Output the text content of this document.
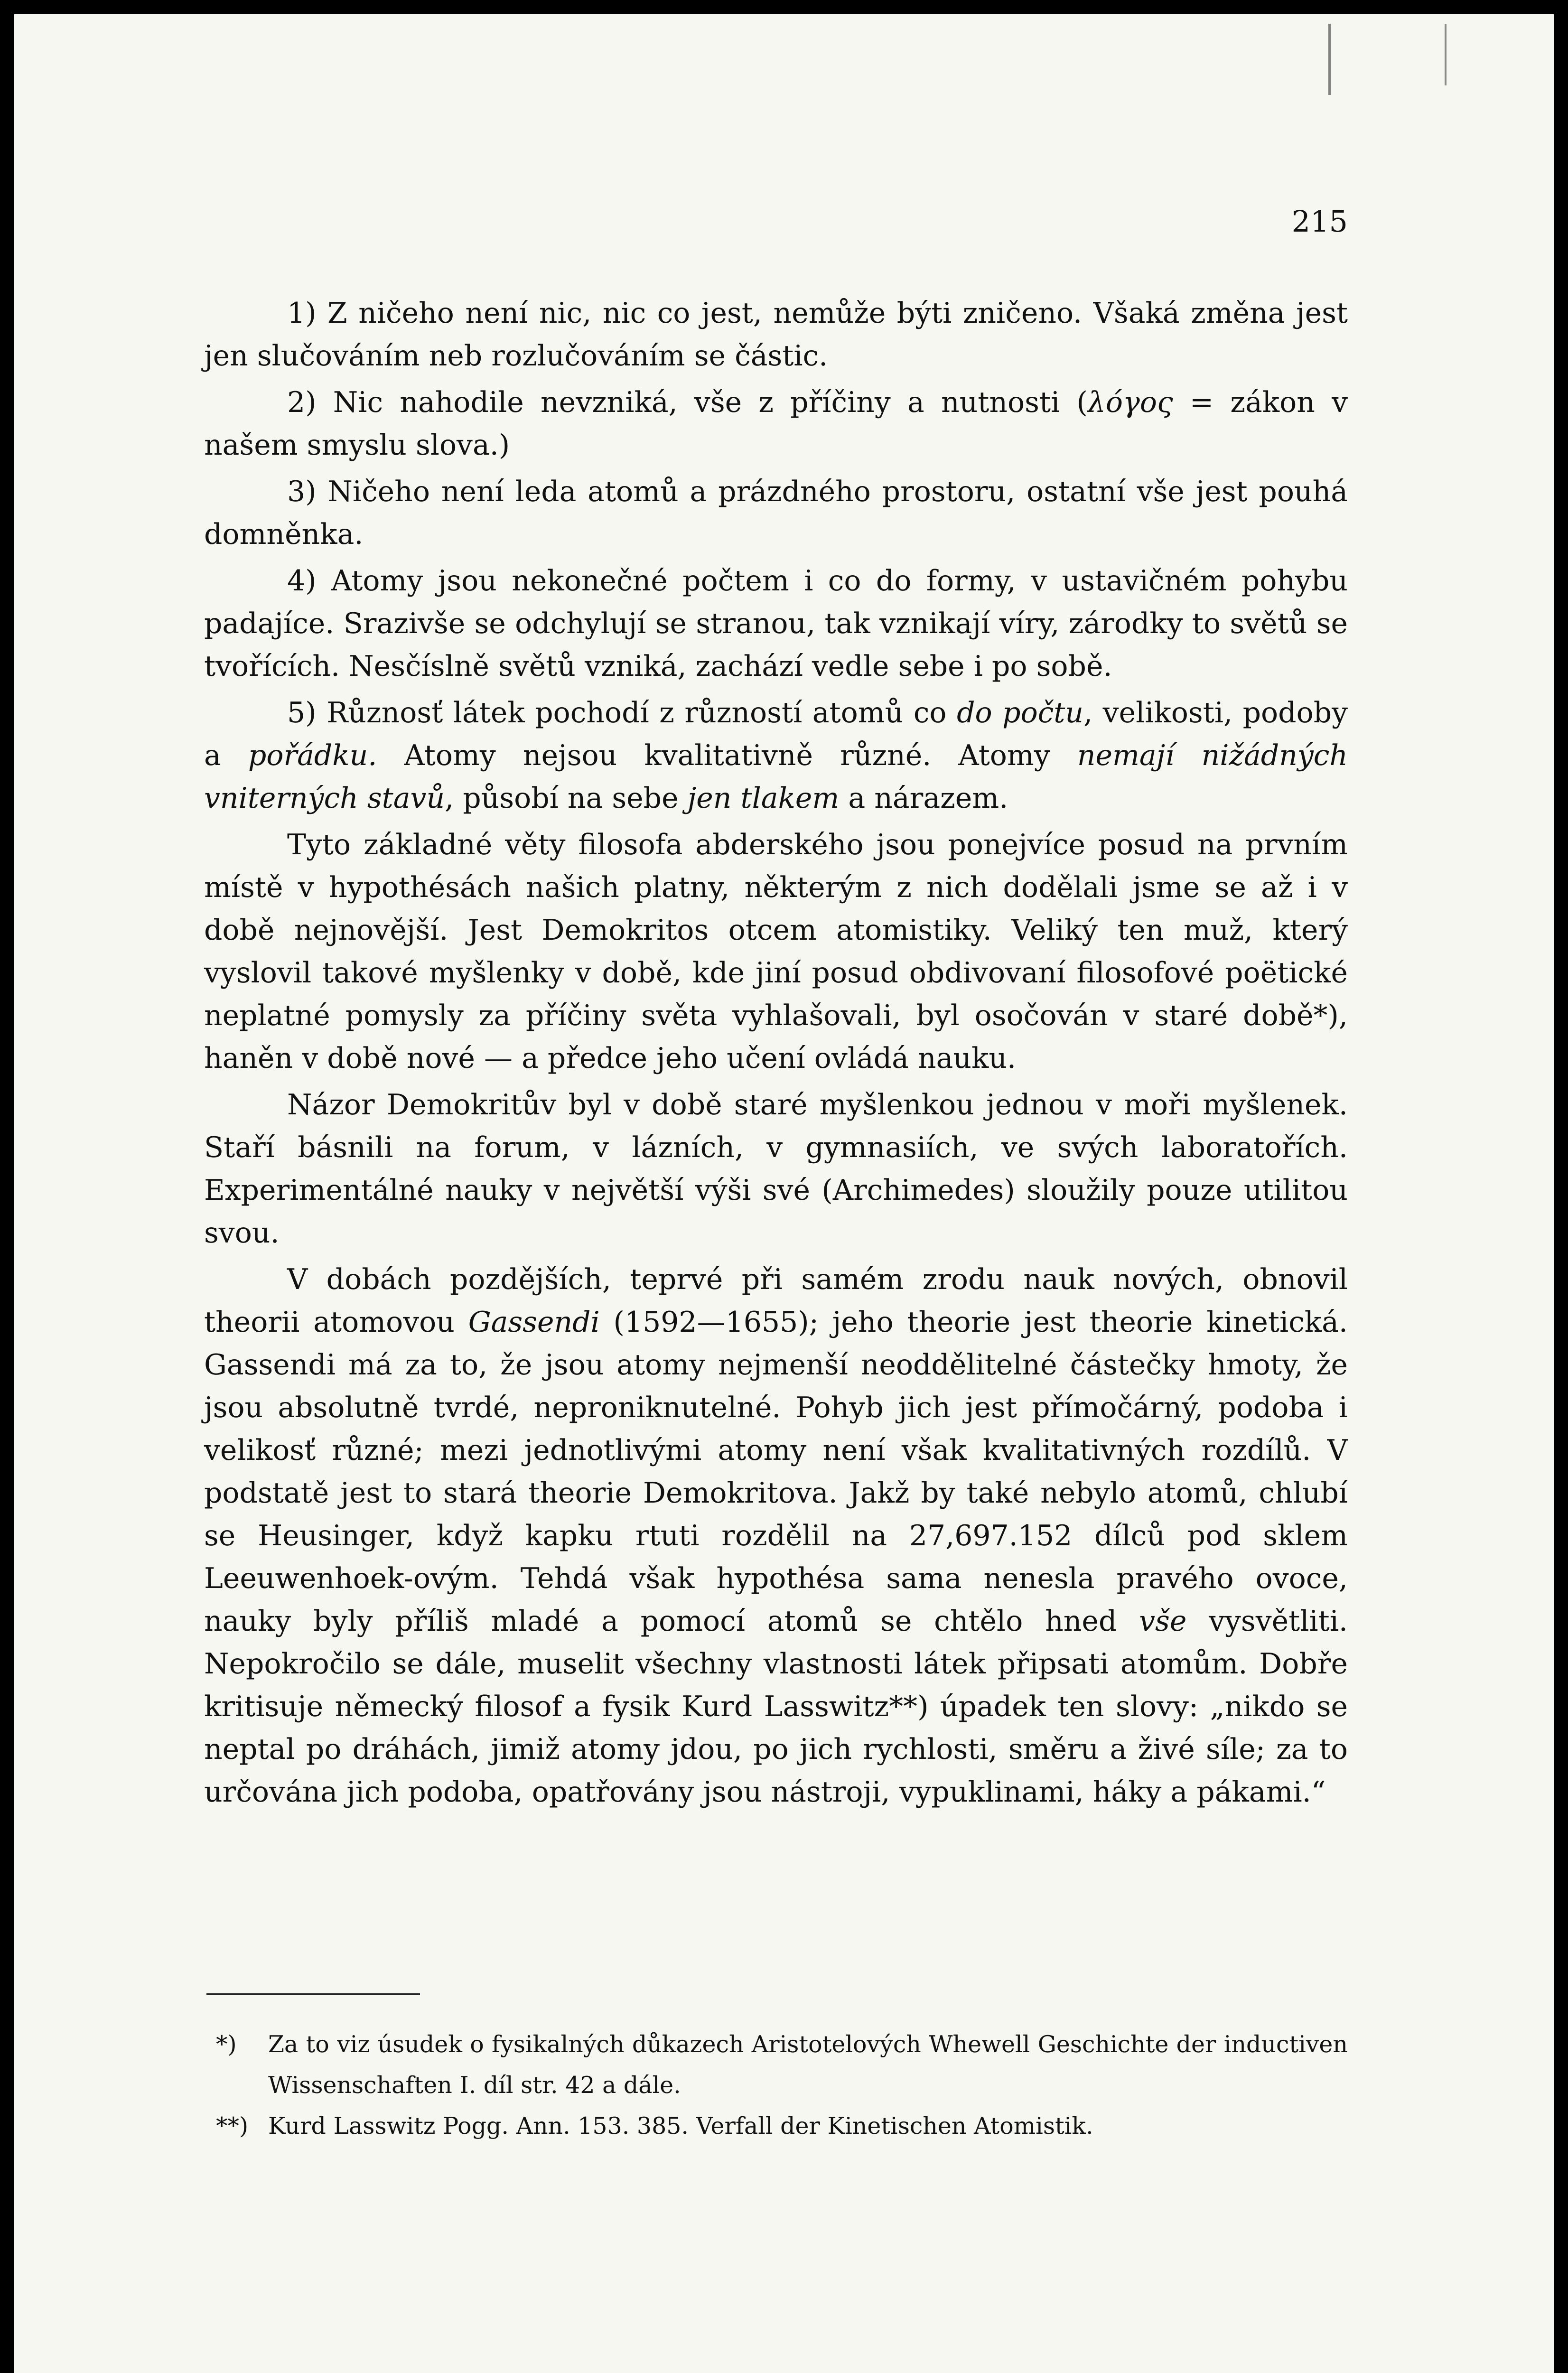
215

1) Z ničeho není nic, nic co jest, nemůže býti zničeno. Všaká změna jest jen slučováním neb rozlučováním se částic.

2) Nic nahodile nevzniká, vše z příčiny a nutnosti (λόγος = zákon v našem smyslu slova.)

3) Ničeho není leda atomů a prázdného prostoru, ostatní vše jest pouhá domněnka.

4) Atomy jsou nekonečné počtem i co do formy, v ustavičném pohybu padajíce. Srazivše se odchylují se stranou, tak vznikají víry, zárodky to světů se tvořících. Nesčíslně světů vzniká, zachází vedle sebe i po sobě.

5) Různosť látek pochodí z růzností atomů co do počtu, velikosti, podoby a pořádku. Atomy nejsou kvalitativně různé. Atomy nemají nižádných vniterných stavů, působí na sebe jen tlakem a nárazem.

Tyto základné věty filosofa abderského jsou ponejvíce posud na prvním místě v hypothésách našich platny, některým z nich dodělali jsme se až i v době nejnovější. Jest Demokritos otcem atomistiky. Veliký ten muž, který vyslovil takové myšlenky v době, kde jiní posud obdivovaní filosofové poëtické neplatné pomysly za příčiny světa vyhlašovali, byl osočován v staré době*), haněn v době nové — a předce jeho učení ovládá nauku.

Názor Demokritův byl v době staré myšlenkou jednou v moři myšlenek. Staří básnili na forum, v lázních, v gymnasiích, ve svých laboratořích. Experimentálné nauky v největší výši své (Archimedes) sloužily pouze utilitou svou.

V dobách pozdějších, teprvé při samém zrodu nauk nových, obnovil theorii atomovou Gassendi (1592—1655); jeho theorie jest theorie kinetická. Gassendi má za to, že jsou atomy nejmenší neoddělitelné částečky hmoty, že jsou absolutně tvrdé, neproniknutelné. Pohyb jich jest přímočárný, podoba i velikosť různé; mezi jednotlivými atomy není však kvalitativných rozdílů. V podstatě jest to stará theorie Demokritova. Jakž by také nebylo atomů, chlubí se Heusinger, když kapku rtuti rozdělil na 27,697.152 dílců pod sklem Leeuwenhoek-ovým. Tehdá však hypothésa sama nenesla pravého ovoce, nauky byly příliš mladé a pomocí atomů se chtělo hned vše vysvětliti. Nepokročilo se dále, muselit všechny vlastnosti látek připsati atomům. Dobře kritisuje německý filosof a fysik Kurd Lasswitz**) úpadek ten slovy: „nikdo se neptal po dráhách, jimiž atomy jdou, po jich rychlosti, směru a živé síle; za to určována jich podoba, opatřovány jsou nástroji, vypuklinami, háky a pákami.“

*) Za to viz úsudek o fysikalných důkazech Aristotelových Whewell Geschichte der inductiven Wissenschaften I. díl str. 42 a dále.

**) Kurd Lasswitz Pogg. Ann. 153. 385. Verfall der Kinetischen Atomistik.
